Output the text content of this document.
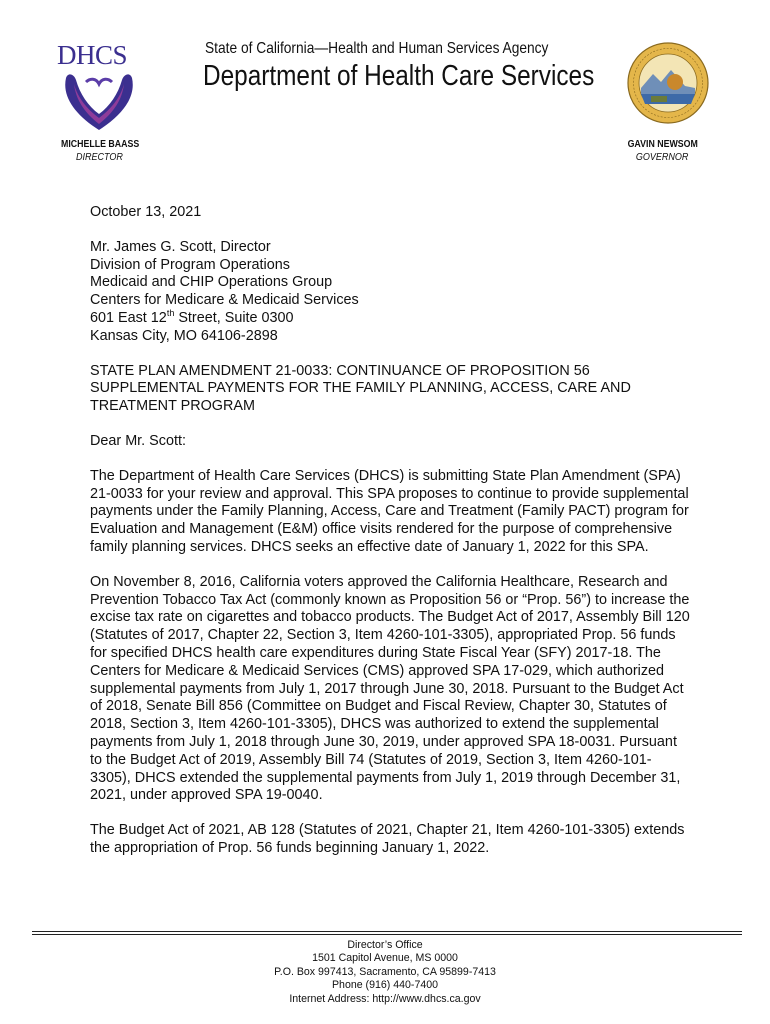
DHCS	State of California—Health and Human Services Agency
Department of Health Care Services
MICHELLE BAASS
DIRECTOR
GAVIN NEWSOM
GOVERNOR

October 13, 2021

Mr. James G. Scott, Director
Division of Program Operations
Medicaid and CHIP Operations Group
Centers for Medicare & Medicaid Services
601 East 12th Street, Suite 0300
Kansas City, MO 64106-2898

STATE PLAN AMENDMENT 21-0033: CONTINUANCE OF PROPOSITION 56 SUPPLEMENTAL PAYMENTS FOR THE FAMILY PLANNING, ACCESS, CARE AND TREATMENT PROGRAM

Dear Mr. Scott:

The Department of Health Care Services (DHCS) is submitting State Plan Amendment (SPA) 21-0033 for your review and approval. This SPA proposes to continue to provide supplemental payments under the Family Planning, Access, Care and Treatment (Family PACT) program for Evaluation and Management (E&M) office visits rendered for the purpose of comprehensive family planning services. DHCS seeks an effective date of January 1, 2022 for this SPA.

On November 8, 2016, California voters approved the California Healthcare, Research and Prevention Tobacco Tax Act (commonly known as Proposition 56 or “Prop. 56”) to increase the excise tax rate on cigarettes and tobacco products. The Budget Act of 2017, Assembly Bill 120 (Statutes of 2017, Chapter 22, Section 3, Item 4260-101-3305), appropriated Prop. 56 funds for specified DHCS health care expenditures during State Fiscal Year (SFY) 2017-18. The Centers for Medicare & Medicaid Services (CMS) approved SPA 17-029, which authorized supplemental payments from July 1, 2017 through June 30, 2018. Pursuant to the Budget Act of 2018, Senate Bill 856 (Committee on Budget and Fiscal Review, Chapter 30, Statutes of 2018, Section 3, Item 4260-101-3305), DHCS was authorized to extend the supplemental payments from July 1, 2018 through June 30, 2019, under approved SPA 18-0031. Pursuant to the Budget Act of 2019, Assembly Bill 74 (Statutes of 2019, Section 3, Item 4260-101-3305), DHCS extended the supplemental payments from July 1, 2019 through December 31, 2021, under approved SPA 19-0040.

The Budget Act of 2021, AB 128 (Statutes of 2021, Chapter 21, Item 4260-101-3305) extends the appropriation of Prop. 56 funds beginning January 1, 2022.

Director’s Office
1501 Capitol Avenue, MS 0000
P.O. Box 997413, Sacramento, CA 95899-7413
Phone (916) 440-7400
Internet Address: http://www.dhcs.ca.gov
